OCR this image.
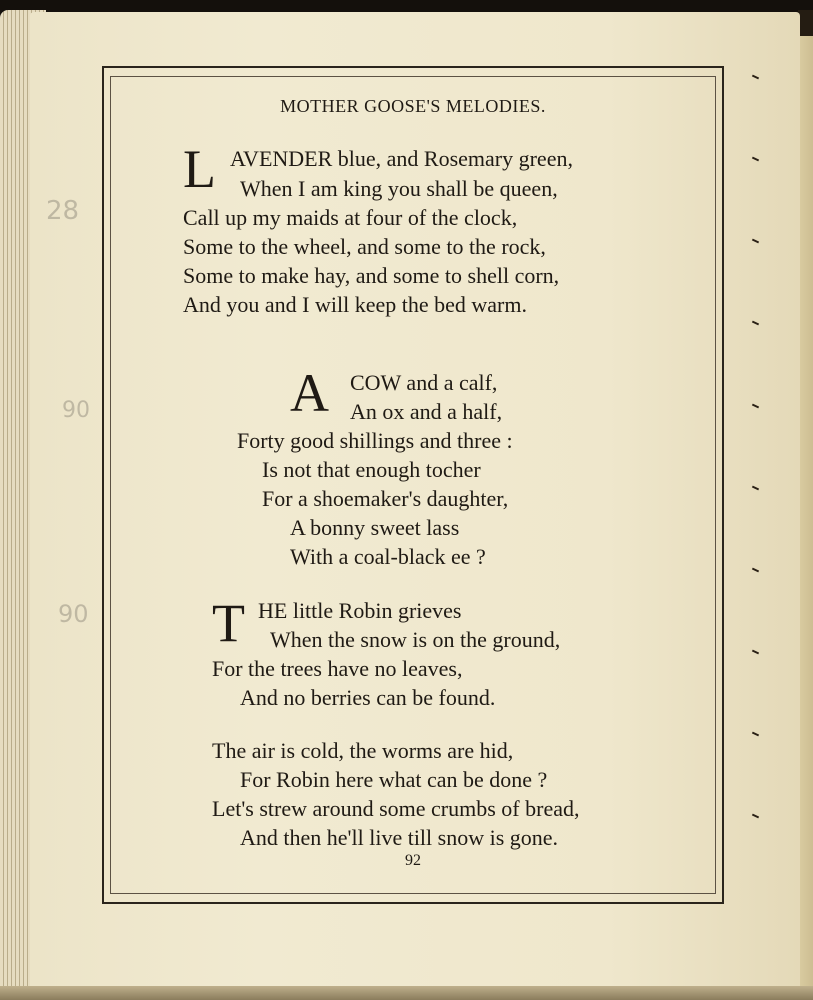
28
90
90
MOTHER GOOSE'S MELODIES.
L AVENDER blue, and Rosemary green,
When I am king you shall be queen,
Call up my maids at four of the clock,
Some to the wheel, and some to the rock,
Some to make hay, and some to shell corn,
And you and I will keep the bed warm.
A COW and a calf,
An ox and a half,
Forty good shillings and three :
Is not that enough tocher
For a shoemaker's daughter,
A bonny sweet lass
With a coal-black ee ?
T HE little Robin grieves
When the snow is on the ground,
For the trees have no leaves,
And no berries can be found.
The air is cold, the worms are hid,
For Robin here what can be done ?
Let's strew around some crumbs of bread,
And then he'll live till snow is gone.
92
